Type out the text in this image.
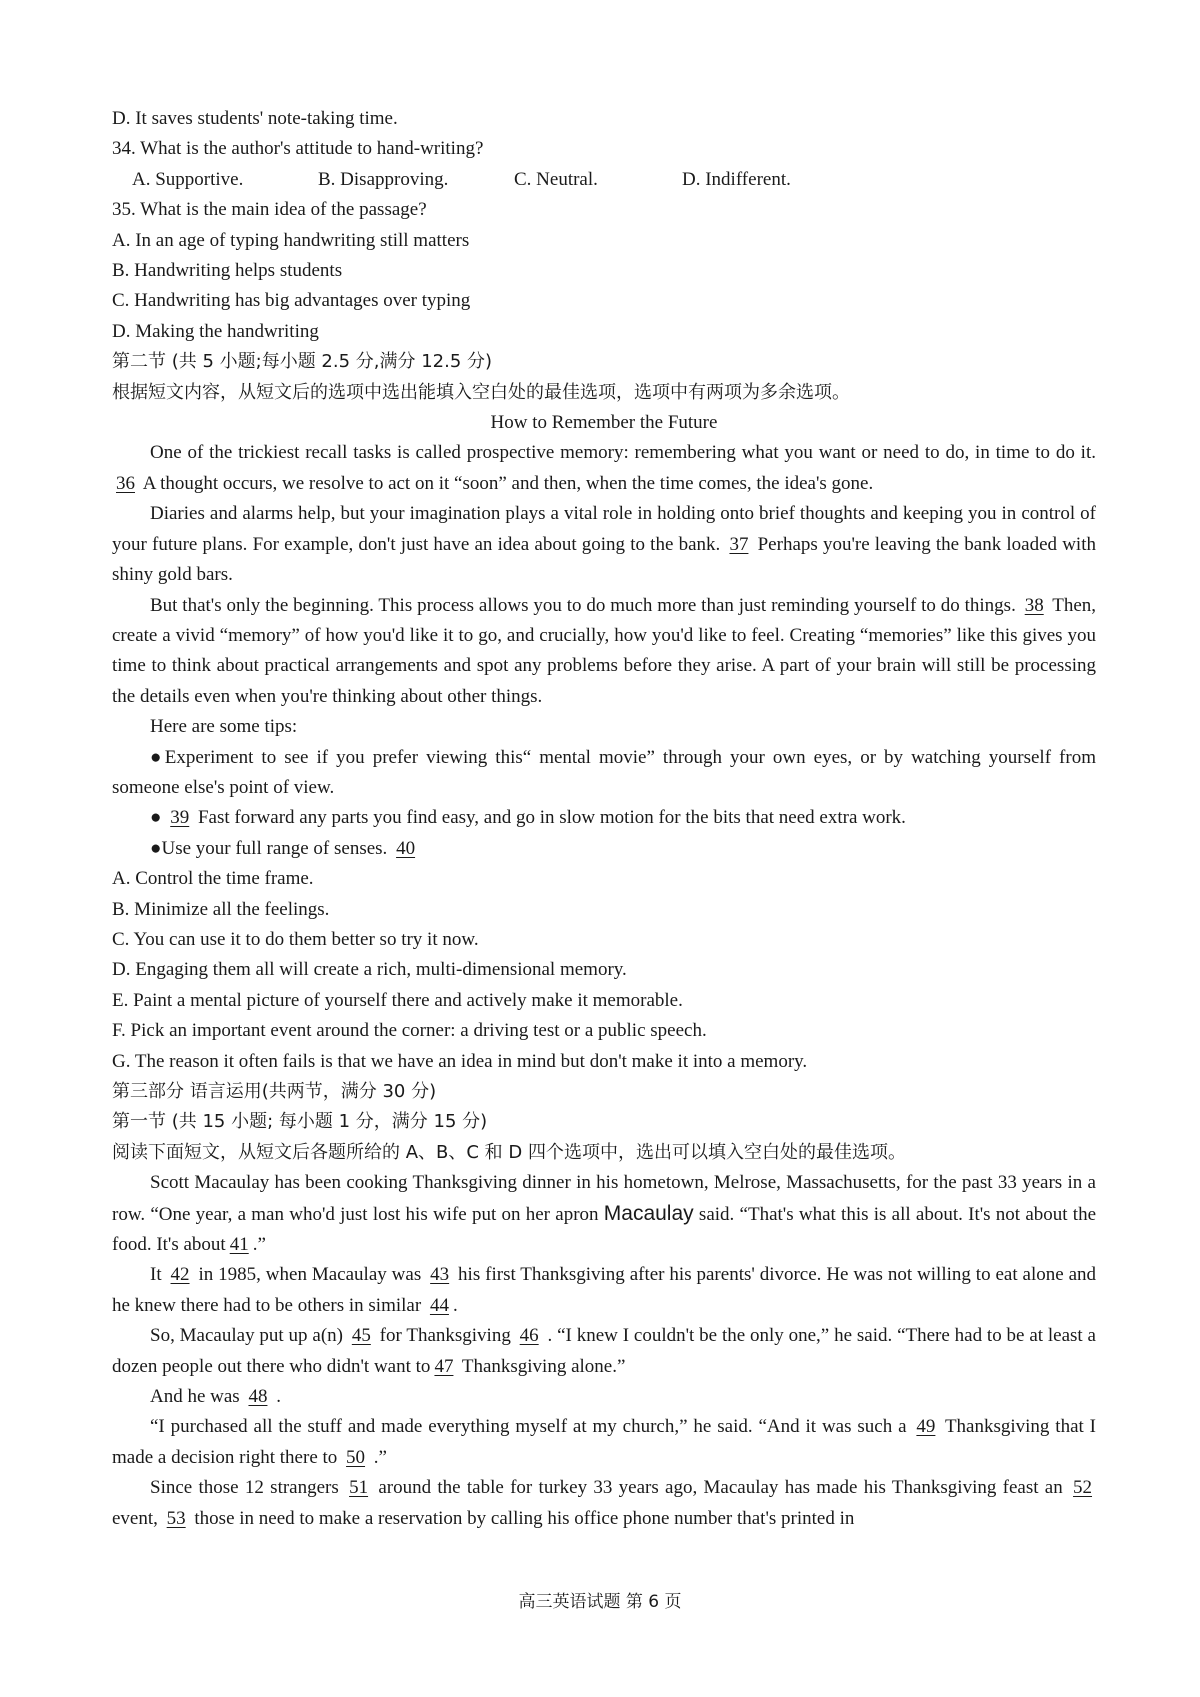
D. It saves students' note-taking time.
34. What is the author's attitude to hand-writing?
A. Supportive.	B. Disapproving.	C. Neutral.	D. Indifferent.
35. What is the main idea of the passage?
A. In an age of typing handwriting still matters
B. Handwriting helps students
C. Handwriting has big advantages over typing
D. Making the handwriting
第二节 (共 5 小题;每小题 2.5 分,满分 12.5 分)
根据短文内容，从短文后的选项中选出能填入空白处的最佳选项，选项中有两项为多余选项。
How to Remember the Future

One of the trickiest recall tasks is called prospective memory: remembering what you want or need to do, in time to do it. 36 A thought occurs, we resolve to act on it “soon” and then, when the time comes, the idea's gone.

Diaries and alarms help, but your imagination plays a vital role in holding onto brief thoughts and keeping you in control of your future plans. For example, don't just have an idea about going to the bank. 37 Perhaps you're leaving the bank loaded with shiny gold bars.

But that's only the beginning. This process allows you to do much more than just reminding yourself to do things. 38 Then, create a vivid “memory” of how you'd like it to go, and crucially, how you'd like to feel. Creating “memories” like this gives you time to think about practical arrangements and spot any problems before they arise. A part of your brain will still be processing the details even when you're thinking about other things.

Here are some tips:

●Experiment to see if you prefer viewing this“ mental movie” through your own eyes, or by watching yourself from someone else's point of view.

● 39 Fast forward any parts you find easy, and go in slow motion for the bits that need extra work.
●Use your full range of senses. 40
A. Control the time frame.
B. Minimize all the feelings.
C. You can use it to do them better so try it now.
D. Engaging them all will create a rich, multi-dimensional memory.
E. Paint a mental picture of yourself there and actively make it memorable.
F. Pick an important event around the corner: a driving test or a public speech.
G. The reason it often fails is that we have an idea in mind but don't make it into a memory.
第三部分 语言运用(共两节，满分 30 分)
第一节 (共 15 小题; 每小题 1 分，满分 15 分)
阅读下面短文，从短文后各题所给的 A、B、C 和 D 四个选项中，选出可以填入空白处的最佳选项。

Scott Macaulay has been cooking Thanksgiving dinner in his hometown, Melrose, Massachusetts, for the past 33 years in a row. “One year, a man who'd just lost his wife put on her apron Macaulay said. “That's what this is all about. It's not about the food. It's about 41 .”

It 42 in 1985, when Macaulay was 43 his first Thanksgiving after his parents' divorce. He was not willing to eat alone and he knew there had to be others in similar 44 .

So, Macaulay put up a(n) 45 for Thanksgiving 46 . “I knew I couldn't be the only one,” he said. “There had to be at least a dozen people out there who didn't want to 47 Thanksgiving alone.”

And he was 48 .

“I purchased all the stuff and made everything myself at my church,” he said. “And it was such a 49 Thanksgiving that I made a decision right there to 50 .”

Since those 12 strangers 51 around the table for turkey 33 years ago, Macaulay has made his Thanksgiving feast an 52 event, 53 those in need to make a reservation by calling his office phone number that's printed in

高三英语试题 第 6 页
